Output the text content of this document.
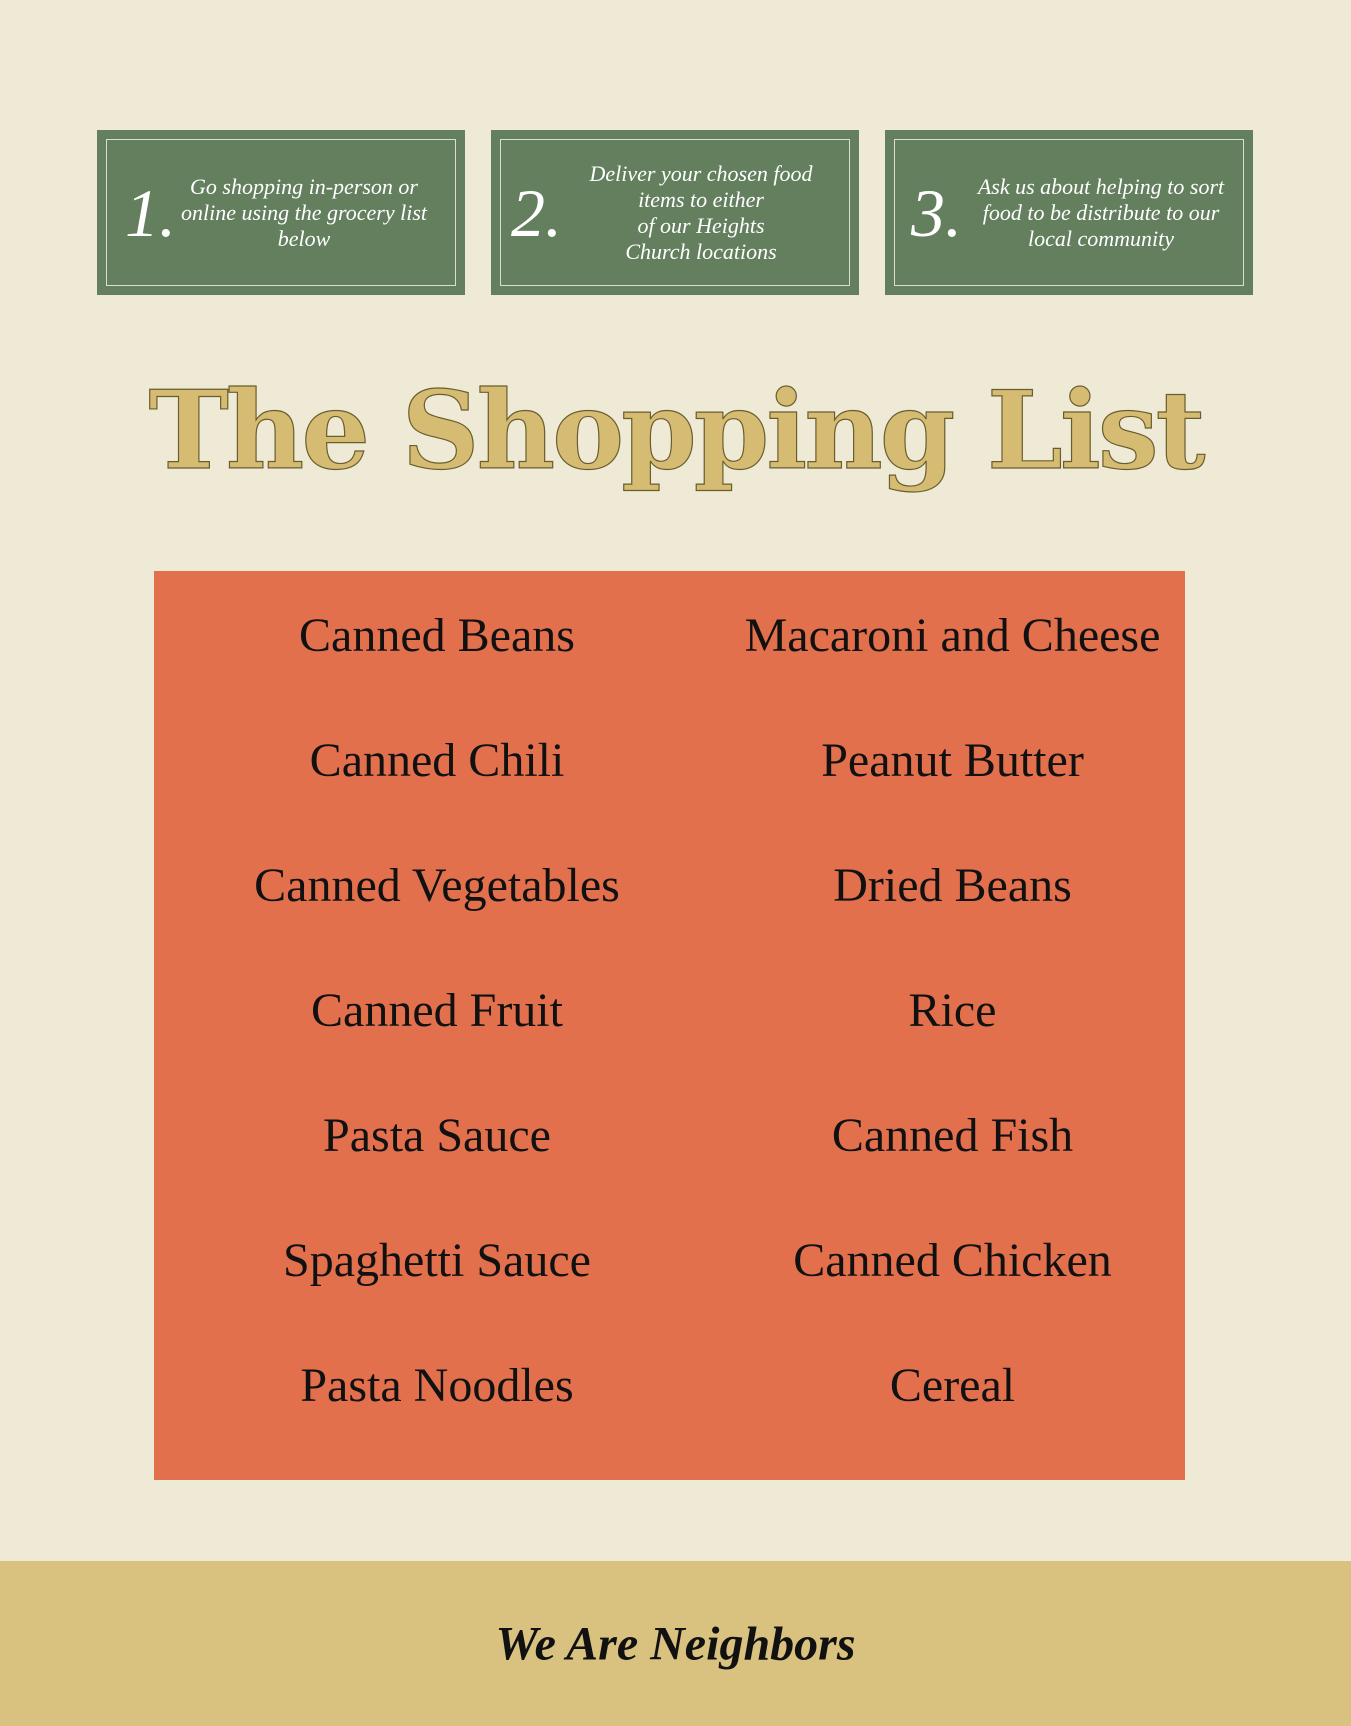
1. Go shopping in-person or
online using the grocery list
below	2.
Deliver your chosen food
items to either
of our Heights
Church locations
3. Ask us about helping to sort
food to be distribute to our
local community
The Shopping List
Canned Beans
Canned Chili
Canned Vegetables
Canned Fruit
Pasta Sauce
Spaghetti Sauce
Pasta Noodles
Macaroni and Cheese
Peanut Butter
Dried Beans
Rice
Canned Fish
Canned Chicken
Cereal
We Are Neighbors
